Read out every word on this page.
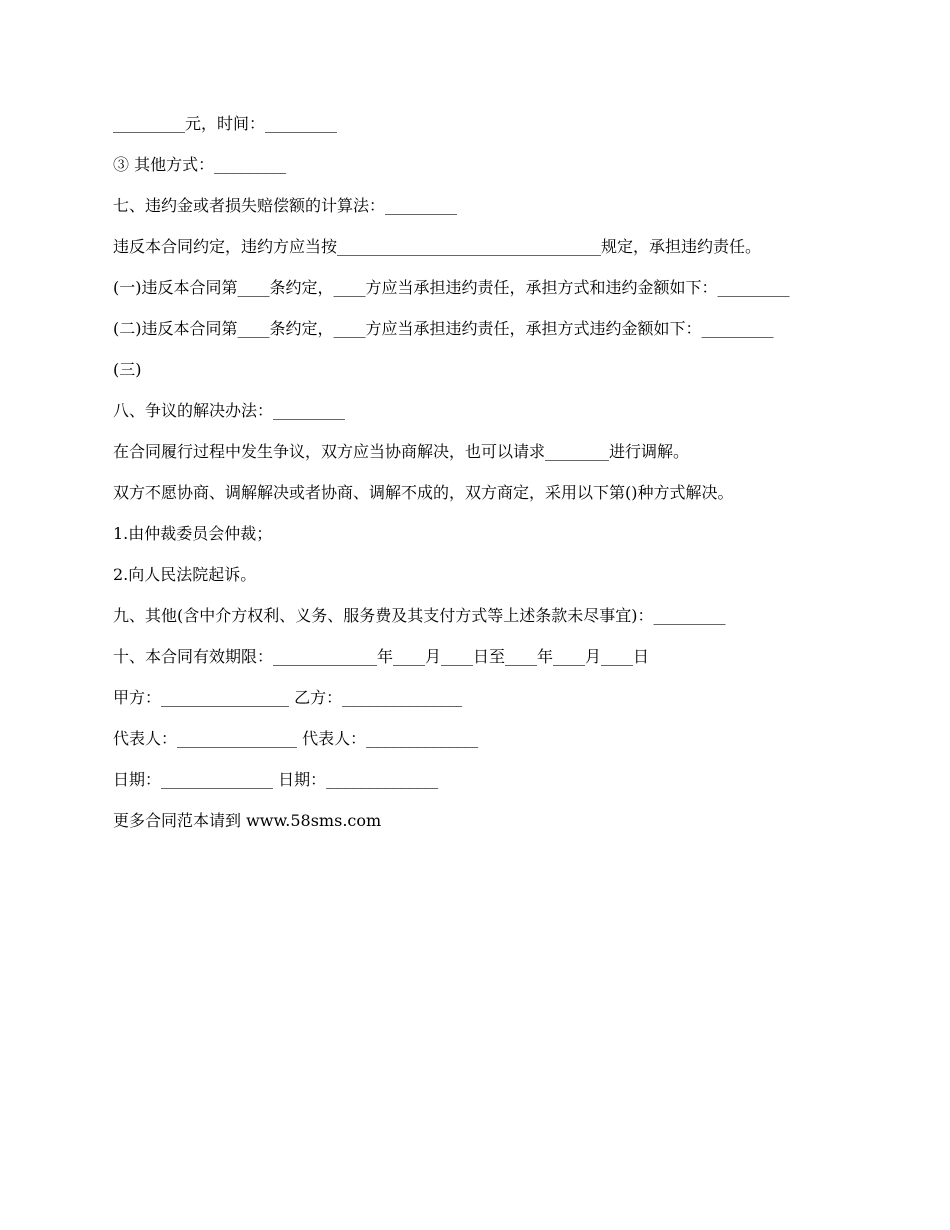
_________元，时间：_________

③ 其他方式：_________

七、违约金或者损失赔偿额的计算法：_________

违反本合同约定，违约方应当按_________________________________规定，承担违约责任。

(一)违反本合同第____条约定，____方应当承担违约责任，承担方式和违约金额如下：_________

(二)违反本合同第____条约定，____方应当承担违约责任，承担方式违约金额如下：_________

(三)

八、争议的解决办法：_________

在合同履行过程中发生争议，双方应当协商解决，也可以请求________进行调解。

双方不愿协商、调解解决或者协商、调解不成的，双方商定，采用以下第()种方式解决。

1.由仲裁委员会仲裁；

2.向人民法院起诉。

九、其他(含中介方权利、义务、服务费及其支付方式等上述条款未尽事宜)：_________

十、本合同有效期限：_____________年____月____日至____年____月____日

甲方：________________ 乙方：_______________

代表人：_______________ 代表人：______________

日期：______________ 日期：______________

更多合同范本请到 www.58sms.com
